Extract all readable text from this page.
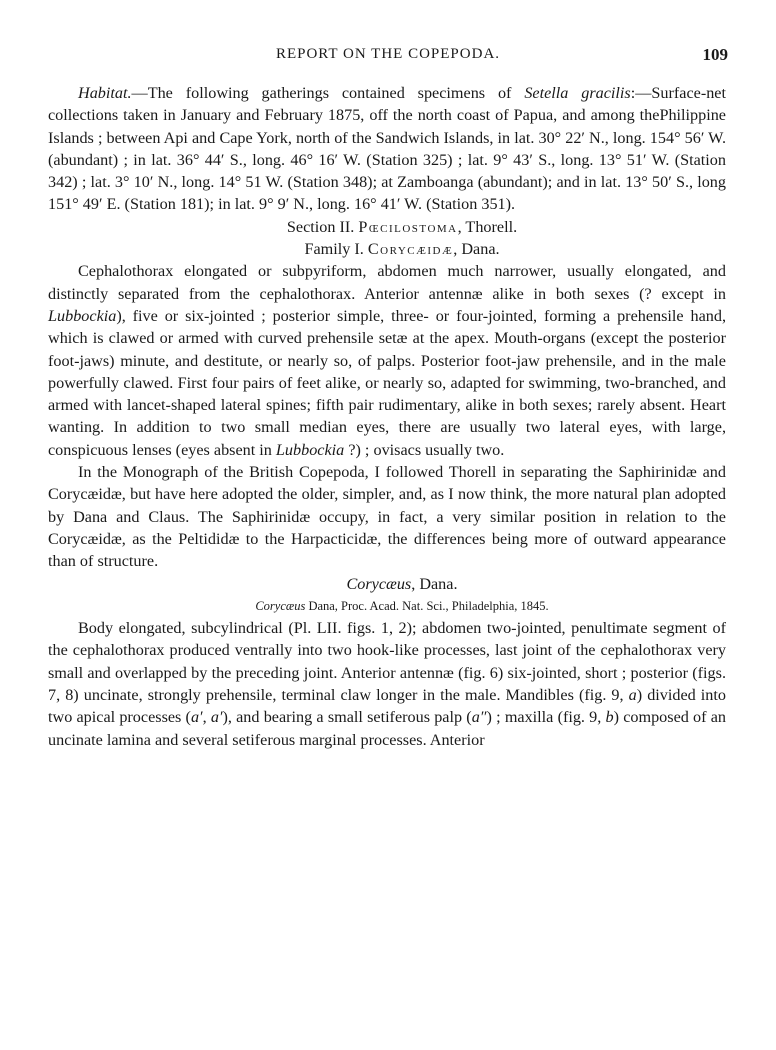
REPORT ON THE COPEPODA.	109

Habitat.—The following gatherings contained specimens of Setella gracilis:—Surface-net collections taken in January and February 1875, off the north coast of Papua, and among thePhilippine Islands ; between Api and Cape York, north of the Sandwich Islands, in lat. 30° 22′ N., long. 154° 56′ W. (abundant) ; in lat. 36° 44′ S., long. 46° 16′ W. (Station 325) ; lat. 9° 43′ S., long. 13° 51′ W. (Station 342) ; lat. 3° 10′ N., long. 14° 51 W. (Station 348); at Zamboanga (abundant); and in lat. 13° 50′ S., long 151° 49′ E. (Station 181); in lat. 9° 9′ N., long. 16° 41′ W. (Station 351).

Section II. Pœcilostoma, Thorell.

Family I. Corycæidæ, Dana.

Cephalothorax elongated or subpyriform, abdomen much narrower, usually elongated, and distinctly separated from the cephalothorax. Anterior antennæ alike in both sexes (? except in Lubbockia), five or six-jointed ; posterior simple, three- or four-jointed, forming a prehensile hand, which is clawed or armed with curved prehensile setæ at the apex. Mouth-organs (except the posterior foot-jaws) minute, and destitute, or nearly so, of palps. Posterior foot-jaw prehensile, and in the male powerfully clawed. First four pairs of feet alike, or nearly so, adapted for swimming, two-branched, and armed with lancet-shaped lateral spines; fifth pair rudimentary, alike in both sexes; rarely absent. Heart wanting. In addition to two small median eyes, there are usually two lateral eyes, with large, conspicuous lenses (eyes absent in Lubbockia ?) ; ovisacs usually two.

In the Monograph of the British Copepoda, I followed Thorell in separating the Saphirinidæ and Corycæidæ, but have here adopted the older, simpler, and, as I now think, the more natural plan adopted by Dana and Claus. The Saphirinidæ occupy, in fact, a very similar position in relation to the Corycæidæ, as the Peltididæ to the Harpacticidæ, the differences being more of outward appearance than of structure.

Corycæus, Dana.

Corycæus Dana, Proc. Acad. Nat. Sci., Philadelphia, 1845.

Body elongated, subcylindrical (Pl. LII. figs. 1, 2); abdomen two-jointed, penultimate segment of the cephalothorax produced ventrally into two hook-like processes, last joint of the cephalothorax very small and overlapped by the preceding joint. Anterior antennæ (fig. 6) six-jointed, short ; posterior (figs. 7, 8) uncinate, strongly prehensile, terminal claw longer in the male. Mandibles (fig. 9, a) divided into two apical processes (a′, a′), and bearing a small setiferous palp (a″) ; maxilla (fig. 9, b) composed of an uncinate lamina and several setiferous marginal processes. Anterior
